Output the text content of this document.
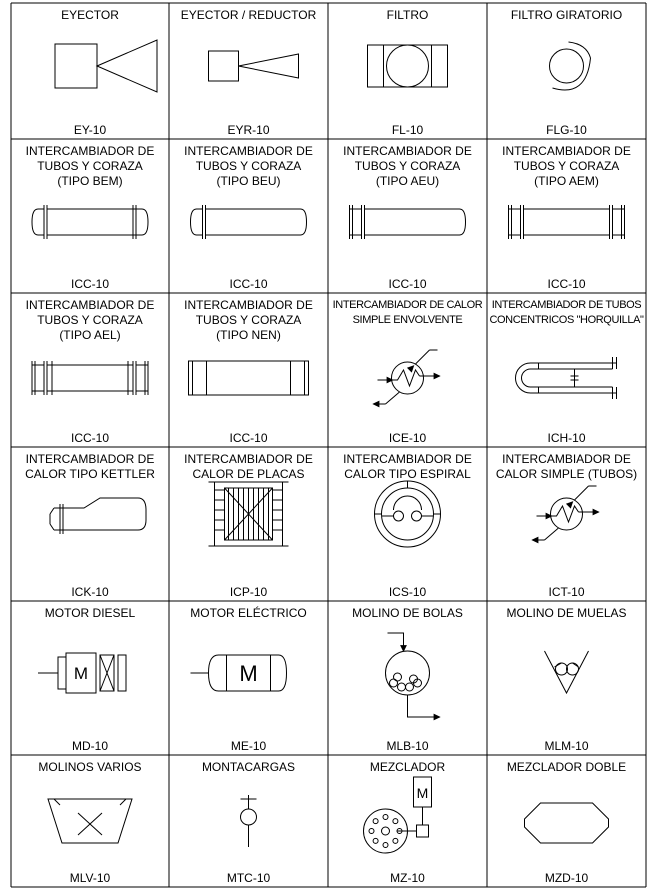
M	M
M
EYECTOR
EY-10
EYECTOR / REDUCTOR
EYR-10
FILTRO
FL-10
FILTRO GIRATORIO
FLG-10
INTERCAMBIADOR DE
TUBOS Y CORAZA
(TIPO BEM)
ICC-10
INTERCAMBIADOR DE
TUBOS Y CORAZA
(TIPO BEU)
ICC-10
INTERCAMBIADOR DE
TUBOS Y CORAZA
(TIPO AEU)
ICC-10
INTERCAMBIADOR DE
TUBOS Y CORAZA
(TIPO AEM)
ICC-10
INTERCAMBIADOR DE
TUBOS Y CORAZA
(TIPO AEL)
ICC-10
INTERCAMBIADOR DE
TUBOS Y CORAZA
(TIPO NEN)
ICC-10
INTERCAMBIADOR DE CALOR
SIMPLE ENVOLVENTE
ICE-10
INTERCAMBIADOR DE TUBOS
CONCENTRICOS "HORQUILLA"
ICH-10
INTERCAMBIADOR DE
CALOR TIPO KETTLER
ICK-10
INTERCAMBIADOR DE
CALOR DE PLACAS
ICP-10
INTERCAMBIADOR DE
CALOR TIPO ESPIRAL
ICS-10
INTERCAMBIADOR DE
CALOR SIMPLE (TUBOS)
ICT-10
MOTOR DIESEL
MD-10
MOTOR ELÉCTRICO
ME-10
MOLINO DE BOLAS
MLB-10
MOLINO DE MUELAS
MLM-10
MOLINOS VARIOS
MLV-10
MONTACARGAS
MTC-10
MEZCLADOR
MZ-10
MEZCLADOR DOBLE
MZD-10
